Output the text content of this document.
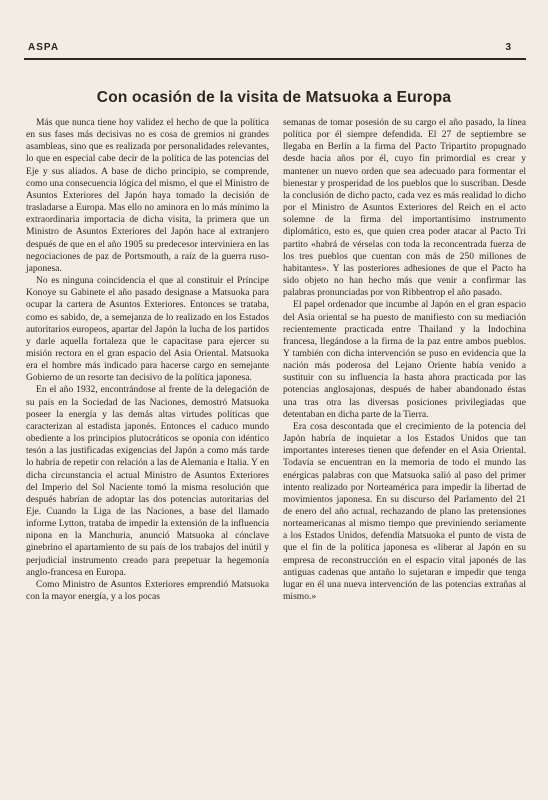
ASPA	3
Con ocasión de la visita de Matsuoka a Europa

Más que nunca tiene hoy validez el hecho de que la política en sus fases más decisivas no es cosa de gremios ni grandes asambleas, sino que es realizada por personalidades relevantes, lo que en especial cabe decir de la política de las potencias del Eje y sus aliados. A base de dicho principio, se comprende, como una consecuencia lógica del mismo, el que el Ministro de Asuntos Exteriores del Japón haya tomado la decisión de trasladarse a Europa. Mas ello no aminora en lo más mínimo la extraordinaria importacia de dicha visita, la primera que un Ministro de Asuntos Exteriores del Japón hace al extranjero después de que en el año 1905 su predecesor interviniera en las negociaciones de paz de Portsmouth, a raíz de la guerra ruso-japonesa.

No es ninguna coincidencia el que al constituir el Príncipe Konoye su Gabinete el año pasado designase a Matsuoka para ocupar la cartera de Asuntos Exteriores. Entonces se trataba, como es sabido, de, a semejanza de lo realizado en los Estados autoritarios europeos, apartar del Japón la lucha de los partidos y darle aquella fortaleza que le capacitase para ejercer su misión rectora en el gran espacio del Asia Oriental. Matsuoka era el hombre más indicado para hacerse cargo en semejante Gobierno de un resorte tan decisivo de la política japonesa.

En el año 1932, encontrándose al frente de la delegación de su país en la Sociedad de las Naciones, demostró Matsuoka poseer la energía y las demás altas virtudes políticas que caracterizan al estadista japonés. Entonces el caduco mundo obediente a los principios plutocráticos se oponía con idéntico tesón a las justificadas exigencias del Japón a como más tarde lo habría de repetir con relación a las de Alemania e Italia. Y en dicha circunstancia el actual Ministro de Asuntos Exteriores del Imperio del Sol Naciente tomó la misma resolución que después habrían de adoptar las dos potencias autoritarias del Eje. Cuando la Liga de las Naciones, a base del llamado informe Lytton, trataba de impedir la extensión de la influencia nipona en la Manchuria, anunció Matsuoka al cónclave ginebrino el apartamiento de su país de los trabajos del inútil y perjudicial instrumento creado para prepetuar la hegemonía anglo-francesa en Europa.

Como Ministro de Asuntos Exteriores emprendió Matsuoka con la mayor energía, y a los pocas

semanas de tomar posesión de su cargo el año pasado, la línea política por él siempre defendida. El 27 de septiembre se llegaba en Berlín a la firma del Pacto Tripartito propugnado desde hacía años por él, cuyo fin primordial es crear y mantener un nuevo orden que sea adecuado para formentar el bienestar y prosperidad de los pueblos que lo suscriban. Desde la conclusión de dicho pacto, cada vez es más realidad lo dicho por el Ministro de Asuntos Exteriores del Reich en el acto solemne de la firma del importantísimo instrumento diplomático, esto es, que quien crea poder atacar al Pacto Tri partito «habrá de vérselas con toda la reconcentrada fuerza de los tres pueblos que cuentan con más de 250 millones de habitantes». Y las posteriores adhesiones de que el Pacto ha sido objeto no han hecho más que venir a confirmar las palabras pronunciadas por von Ribbentrop el año pasado.

El papel ordenador que incumbe al Japón en el gran espacio del Asia oriental se ha puesto de manifiesto con su mediación recientemente practicada entre Thailand y la Indochina francesa, llegándose a la firma de la paz entre ambos pueblos. Y también con dicha intervención se puso en evidencia que la nación más poderosa del Lejano Oriente había venido a sustituir con su influencia la hasta ahora practicada por las potencias anglosajonas, después de haber abandonado éstas una tras otra las diversas posiciones privilegiadas que detentaban en dicha parte de la Tierra.

Era cosa descontada que el crecimiento de la potencia del Japón habría de inquietar a los Estados Unidos que tan importantes intereses tienen que defender en el Asia Oriental. Todavía se encuentran en la memoria de todo el mundo las enérgicas palabras con que Matsuoka salió al paso del primer intento realizado por Norteamérica para impedir la libertad de movimientos japonesa. En su discurso del Parlamento del 21 de enero del año actual, rechazando de plano las pretensiones norteamericanas al mismo tiempo que previniendo seriamente a los Estados Unidos, defendía Matsuoka el punto de vista de que el fin de la política japonesa es «liberar al Japón en su empresa de reconstrucción en el espacio vital japonés de las antiguas cadenas que antaño lo sujetaran e impedir que tenga lugar en él una nueva intervención de las potencias extrañas al mismo.»
